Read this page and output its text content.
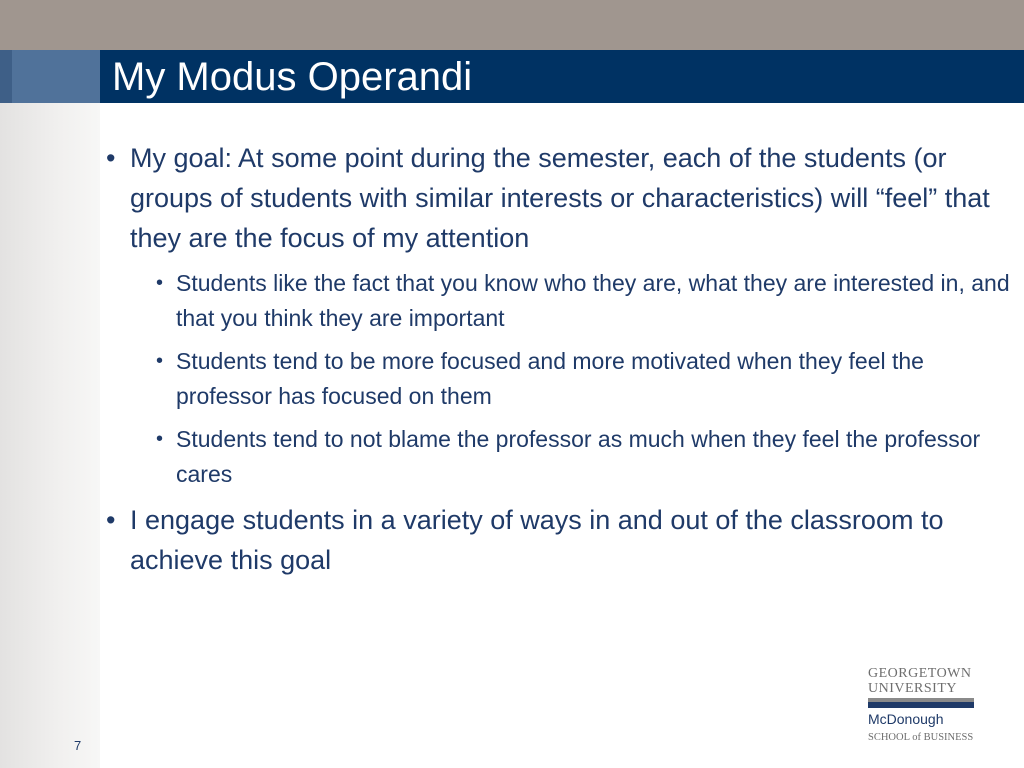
My Modus Operandi
• My goal: At some point during the semester, each of the students (or groups of students with similar interests or characteristics) will “feel” that they are the focus of my attention
• Students like the fact that you know who they are, what they are interested in, and that you think they are important
• Students tend to be more focused and more motivated when they feel the professor has focused on them
• Students tend to not blame the professor as much when they feel the professor cares
• I engage students in a variety of ways in and out of the classroom to achieve this goal
7
GEORGETOWN
UNIVERSITY
McDonough
SCHOOL of BUSINESS
